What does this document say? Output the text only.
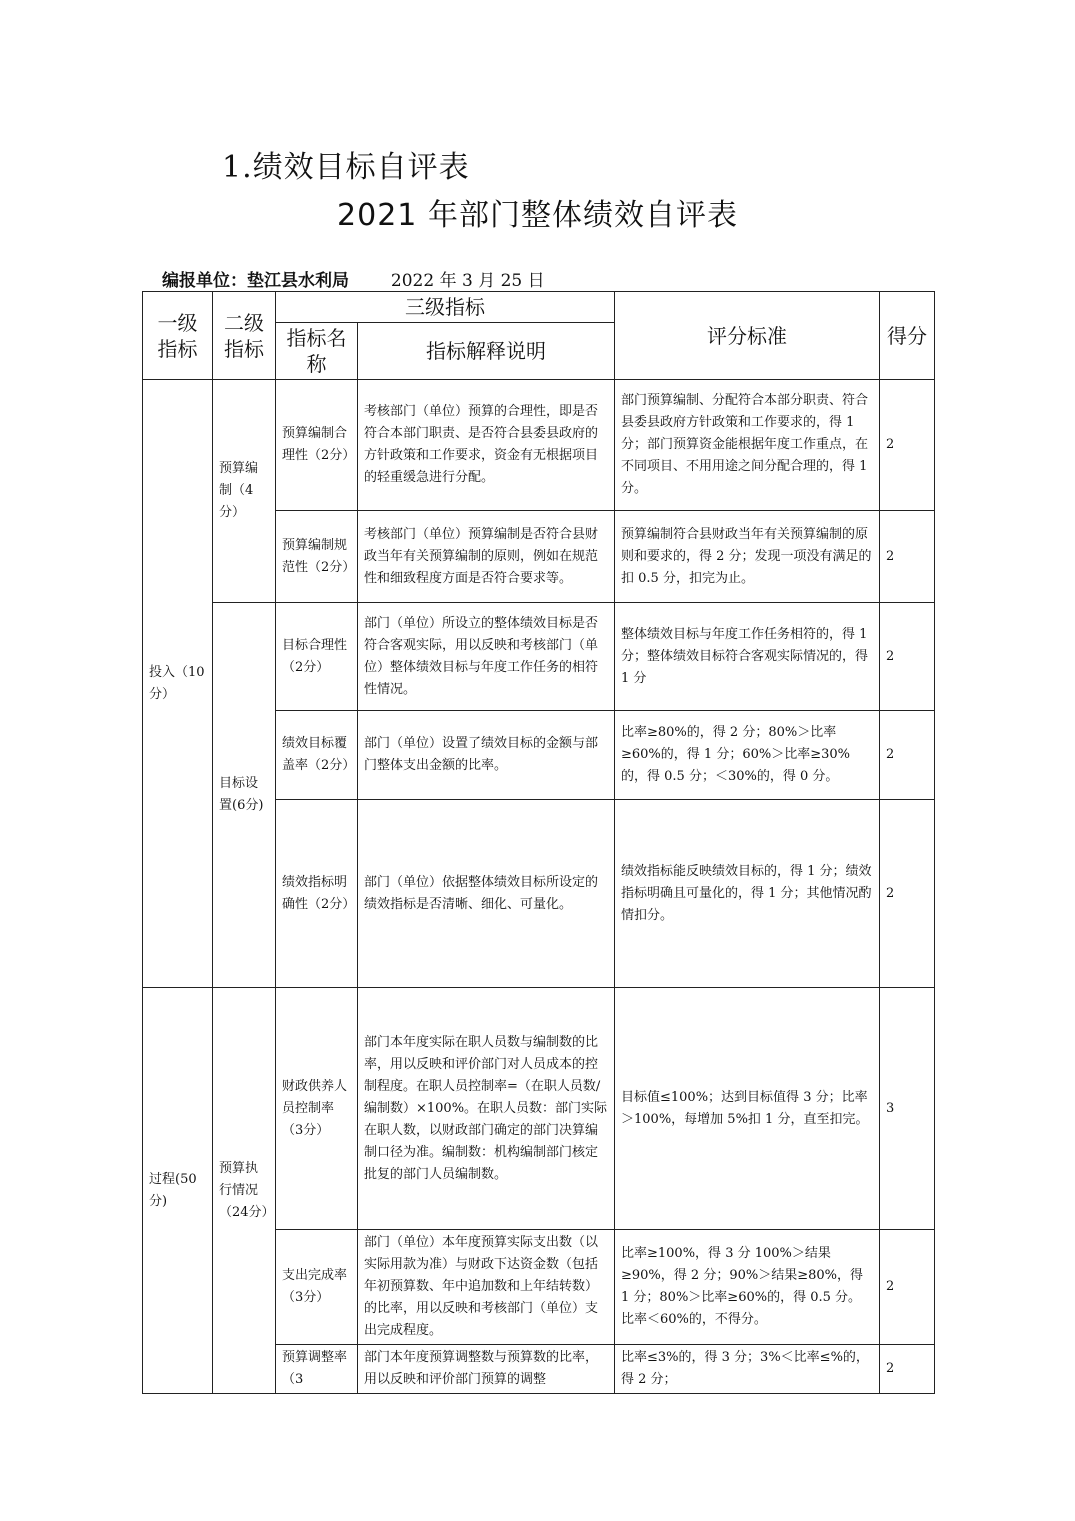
1.绩效目标自评表
2021 年部门整体绩效自评表
编报单位：垫江县水利局 2022 年 3 月 25 日
一级指标	二级指标	三级指标		评分标准	得分
		指标名称	指标解释说明		
投入（10分）	预算编制（4分）	预算编制合理性（2分）	考核部门（单位）预算的合理性，即是否符合本部门职责、是否符合县委县政府的方针政策和工作要求，资金有无根据项目的轻重缓急进行分配。	部门预算编制、分配符合本部分职责、符合县委县政府方针政策和工作要求的，得 1 分；部门预算资金能根据年度工作重点，在不同项目、不用用途之间分配合理的，得 1 分。	2
		预算编制规范性（2分）	考核部门（单位）预算编制是否符合县财政当年有关预算编制的原则，例如在规范性和细致程度方面是否符合要求等。	预算编制符合县财政当年有关预算编制的原则和要求的，得 2 分；发现一项没有满足的扣 0.5 分，扣完为止。	2
	目标设置(6分)	目标合理性（2分）	部门（单位）所设立的整体绩效目标是否符合客观实际，用以反映和考核部门（单位）整体绩效目标与年度工作任务的相符性情况。	整体绩效目标与年度工作任务相符的，得 1 分；整体绩效目标符合客观实际情况的，得 1 分	2
		绩效目标覆盖率（2分）	部门（单位）设置了绩效目标的金额与部门整体支出金额的比率。	比率≥80%的，得 2 分；80%＞比率≥60%的，得 1 分；60%＞比率≥30%的，得 0.5 分；＜30%的，得 0 分。	2
		绩效指标明确性（2分）	部门（单位）依据整体绩效目标所设定的绩效指标是否清晰、细化、可量化。	绩效指标能反映绩效目标的，得 1 分；绩效指标明确且可量化的，得 1 分；其他情况酌情扣分。	2
过程(50分)	预算执行情况（24分）	财政供养人员控制率（3分）	部门本年度实际在职人员数与编制数的比率，用以反映和评价部门对人员成本的控制程度。在职人员控制率=（在职人员数/编制数）×100%。在职人员数：部门实际在职人数，以财政部门确定的部门决算编制口径为准。编制数：机构编制部门核定批复的部门人员编制数。	目标值≤100%；达到目标值得 3 分；比率＞100%，每增加 5%扣 1 分，直至扣完。	3
		支出完成率（3分）	部门（单位）本年度预算实际支出数（以实际用款为准）与财政下达资金数（包括年初预算数、年中追加数和上年结转数）的比率，用以反映和考核部门（单位）支出完成程度。	比率≥100%，得 3 分 100%＞结果≥90%，得 2 分；90%＞结果≥80%，得 1 分；80%＞比率≥60%的，得 0.5 分。比率＜60%的，不得分。	2
		预算调整率（3	部门本年度预算调整数与预算数的比率，用以反映和评价部门预算的调整	比率≤3%的，得 3 分；3%＜比率≤%的，得 2 分；	2
